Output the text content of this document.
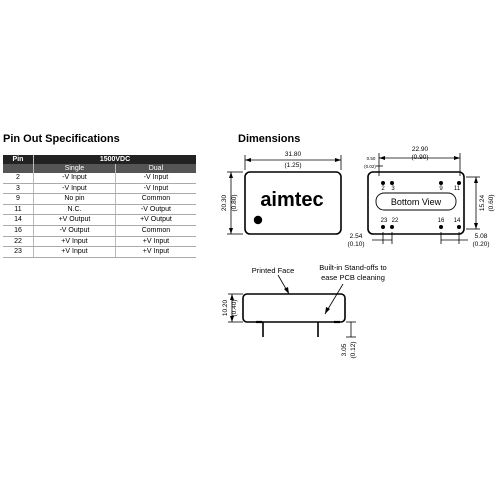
Pin Out Specifications	Dimensions
Pin	1500VDC	
	Single	Dual
2	-V Input	-V Input
3	-V Input	-V Input
9	No pin	Common
11	N.C.	-V Output
14	+V Output	+V Output
16	-V Output	Common
22	+V Input	+V Input
23	+V Input	+V Input
31.80
(1.25)
20.30 (0.80)
0.50
(0.02)
22.90
(0.90)
15.24 (0.60)
2.54
(0.10)
5.08
(0.20)
10.20 (0.40)
3.05 (0.12)
2 3	9 11
23 22	16 14
Bottom View
aimtec
Printed Face	Built-in Stand-offs to
ease PCB cleaning
